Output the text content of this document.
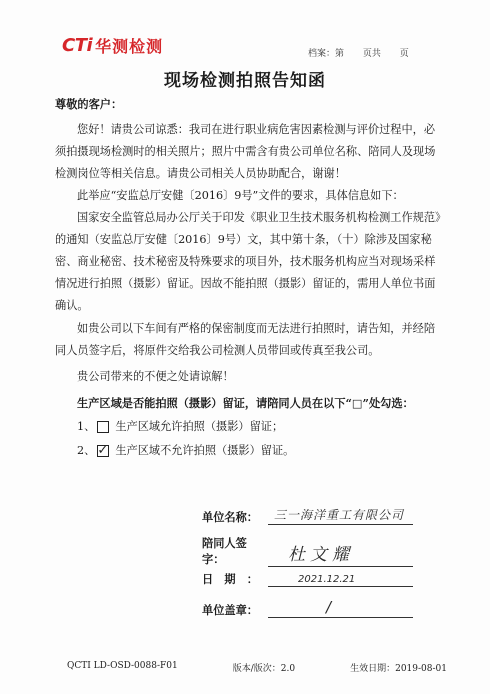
CTi 华测检测	档案：第 页共 页
现场检测拍照告知函
尊敬的客户：
您好！请贵公司谅悉：我司在进行职业病危害因素检测与评价过程中，必须拍摄现场检测时的相关照片；照片中需含有贵公司单位名称、陪同人及现场检测岗位等相关信息。请贵公司相关人员协助配合，谢谢！
此举应“安监总厅安健〔2016〕9号”文件的要求，具体信息如下：
国家安全监管总局办公厅关于印发《职业卫生技术服务机构检测工作规范》的通知（安监总厅安健〔2016〕9号）文，其中第十条，（十）除涉及国家秘密、商业秘密、技术秘密及特殊要求的项目外，技术服务机构应当对现场采样情况进行拍照（摄影）留证。因故不能拍照（摄影）留证的，需用人单位书面确认。
如贵公司以下车间有严格的保密制度而无法进行拍照时，请告知，并经陪同人员签字后，将原件交给我公司检测人员带回或传真至我公司。
贵公司带来的不便之处请谅解！
生产区域是否能拍照（摄影）留证，请陪同人员在以下“□”处勾选：
1、 生产区域允许拍照（摄影）留证；
2、 ✓ 生产区域不允许拍照（摄影）留证。
单位名称：	三一海洋重工有限公司
陪同人签字：	杜文耀
日　期　：	2021.12.21
单位盖章：	/
QCTI LD-OSD-0088-F01	版本/版次：2.0	生效日期：2019-08-01
